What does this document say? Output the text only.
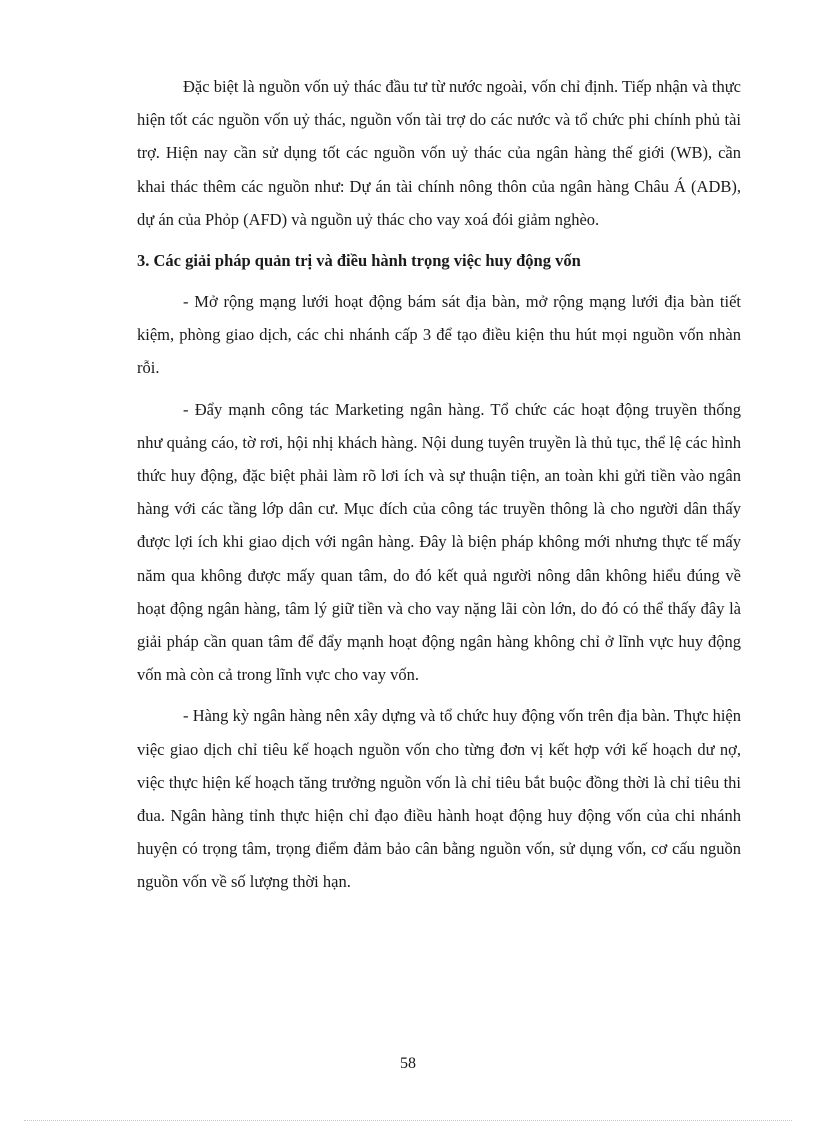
Đặc biệt là nguồn vốn uỷ thác đầu tư từ nước ngoài, vốn chỉ định. Tiếp nhận và thực hiện tốt các nguồn vốn uỷ thác, nguồn vốn tài trợ do các nước và tổ chức phi chính phủ tài trợ. Hiện nay cần sử dụng tốt các nguồn vốn uỷ thác của ngân hàng thế giới (WB), cần khai thác thêm các nguồn như: Dự án tài chính nông thôn của ngân hàng Châu Á (ADB), dự án của Phỏp (AFD) và nguồn uỷ thác cho vay xoá đói giảm nghèo.

3. Các giải pháp quản trị và điều hành trọng việc huy động vốn

- Mở rộng mạng lưới hoạt động bám sát địa bàn, mở rộng mạng lưới địa bàn tiết kiệm, phòng giao dịch, các chi nhánh cấp 3 để tạo điều kiện thu hút mọi nguồn vốn nhàn rỗi.

- Đẩy mạnh công tác Marketing ngân hàng. Tổ chức các hoạt động truyền thống như quảng cáo, tờ rơi, hội nhị khách hàng. Nội dung tuyên truyền là thủ tục, thể lệ các hình thức huy động, đặc biệt phải làm rõ lơi ích và sự thuận tiện, an toàn khi gửi tiền vào ngân hàng với các tầng lớp dân cư. Mục đích của công tác truyền thông là cho người dân thấy được lợi ích khi giao dịch với ngân hàng. Đây là biện pháp không mới nhưng thực tế mấy năm qua không được mấy quan tâm, do đó kết quả người nông dân không hiểu đúng về hoạt động ngân hàng, tâm lý giữ tiền và cho vay nặng lãi còn lớn, do đó có thể thấy đây là giải pháp cần quan tâm để đẩy mạnh hoạt động ngân hàng không chỉ ở lĩnh vực huy động vốn mà còn cả trong lĩnh vực cho vay vốn.

- Hàng kỳ ngân hàng nên xây dựng và tổ chức huy động vốn trên địa bàn. Thực hiện việc giao dịch chỉ tiêu kế hoạch nguồn vốn cho từng đơn vị kết hợp với kế hoạch dư nợ, việc thực hiện kế hoạch tăng trưởng nguồn vốn là chỉ tiêu bắt buộc đồng thời là chỉ tiêu thi đua. Ngân hàng tỉnh thực hiện chỉ đạo điều hành hoạt động huy động vốn của chi nhánh huyện có trọng tâm, trọng điểm đảm bảo cân bằng nguồn vốn, sử dụng vốn, cơ cấu nguồn nguồn vốn về số lượng thời hạn.

58
